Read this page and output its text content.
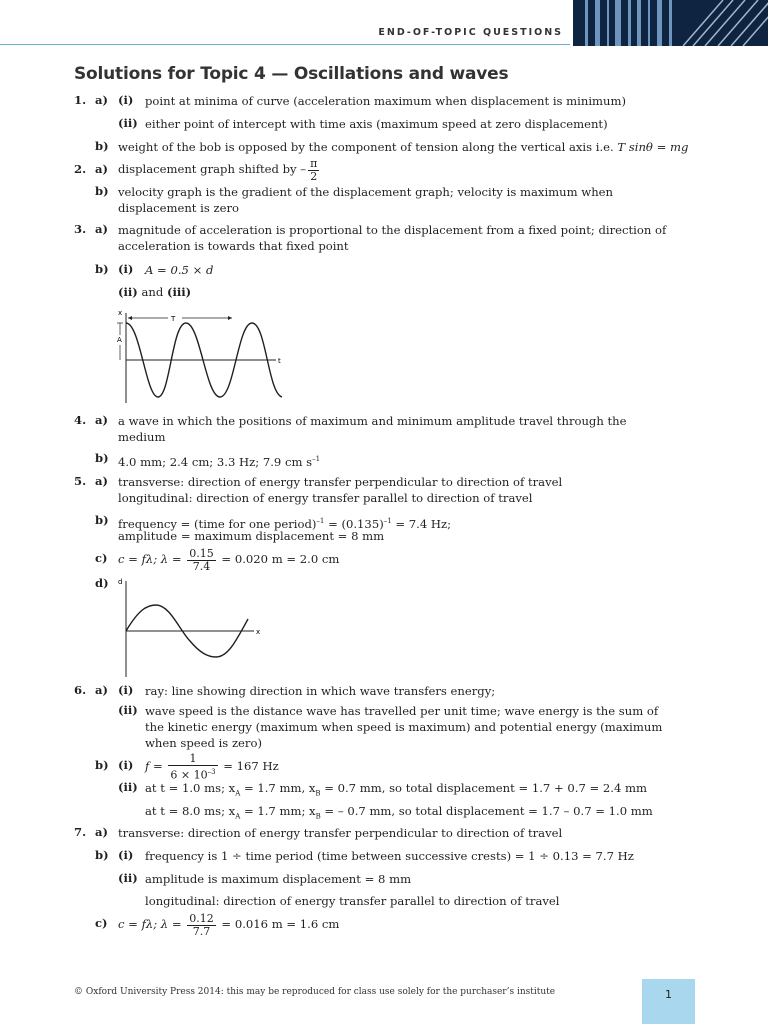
END-OF-TOPIC QUESTIONS
Solutions for Topic 4 — Oscillations and waves
1. a) (i) point at minima of curve (acceleration maximum when displacement is minimum)
(ii) either point of intercept with time axis (maximum speed at zero displacement)
b) weight of the bob is opposed by the component of tension along the vertical axis i.e. T sinθ = mg
2. a) displacement graph shifted by – $\frac{\pi}{2}$
b) velocity graph is the gradient of the displacement graph; velocity is maximum when
displacement is zero
3. a) magnitude of acceleration is proportional to the displacement from a fixed point; direction of
acceleration is towards that fixed point
b) (i) A = 0.5 × d
(ii) and (iii)
x
t
T
A
4. a) a wave in which the positions of maximum and minimum amplitude travel through the
medium
b) 4.0 mm; 2.4 cm; 3.3 Hz; 7.9 cm $s^{-1}$
5. a) transverse: direction of energy transfer perpendicular to direction of travel
longitudinal: direction of energy transfer parallel to direction of travel
b) frequency = (time for one period)$^{-1}$ = $(0.135)^{-1} = 7.4$ Hz;
amplitude = maximum displacement = 8 mm
c) c = fλ; $\lambda = \frac{0.15}{7.4} = 0.020$ m = 2.0 cm
d) d
x
6. a) (i) ray: line showing direction in which wave transfers energy;
(ii) wave speed is the distance wave has travelled per unit time; wave energy is the sum of
the kinetic energy (maximum when speed is maximum) and potential energy (maximum
when speed is zero)
b) (i) $f = \frac{1}{6 \times 10^{-3}} = 167$ Hz
(ii) at t = 1.0 ms; $x_A = 1.7$ mm, $x_B = 0.7$ mm, so total displacement = 1.7 + 0.7 = 2.4 mm
at t = 8.0 ms; $x_A = 1.7$ mm; $x_B$ = – 0.7 mm, so total displacement = 1.7 – 0.7 = 1.0 mm
7. a) transverse: direction of energy transfer perpendicular to direction of travel
b) (i) frequency is 1 ÷ time period (time between successive crests) = 1 ÷ 0.13 = 7.7 Hz
(ii) amplitude is maximum displacement = 8 mm
longitudinal: direction of energy transfer parallel to direction of travel
c) c = fλ; $\lambda = \frac{0.12}{7.7} = 0.016$ m = 1.6 cm
© Oxford University Press 2014: this may be reproduced for class use solely for the purchaser’s institute	1
